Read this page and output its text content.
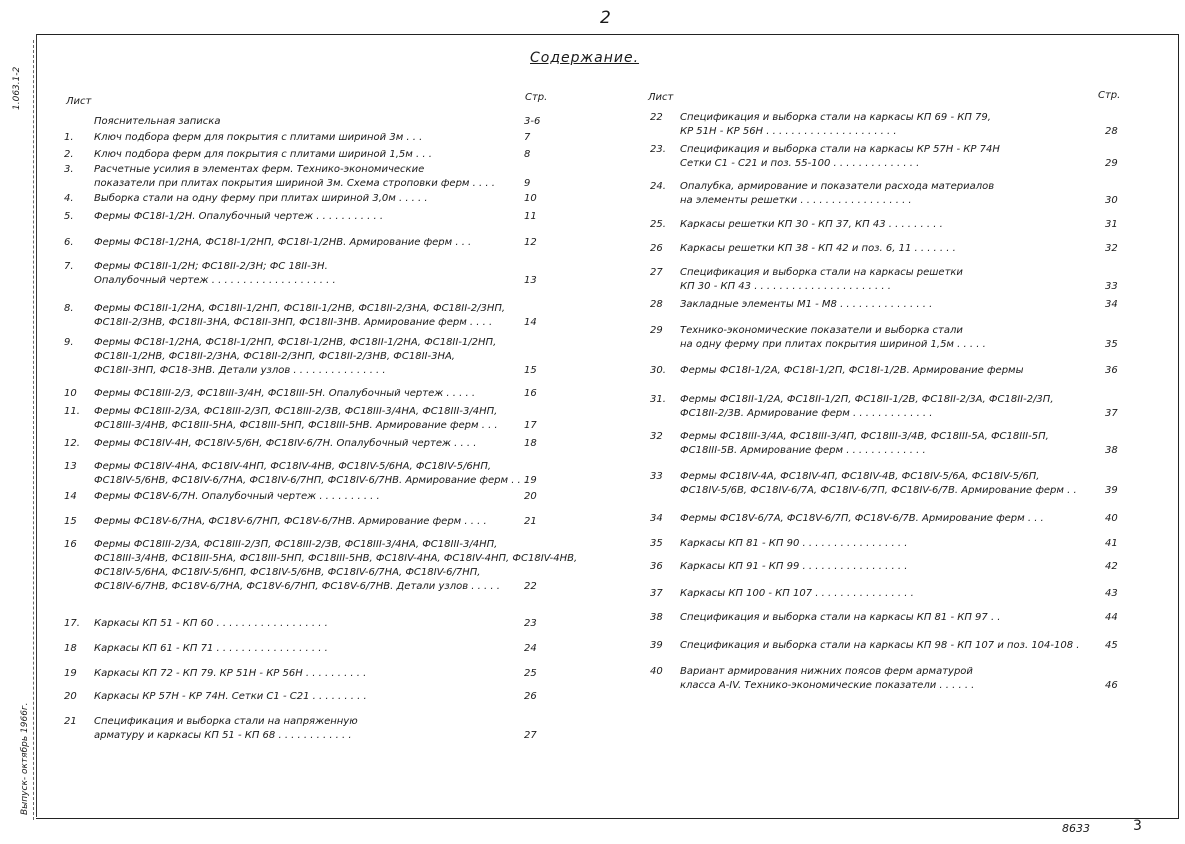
2
Содержание.
1.063.1-2
Выпуск- октябрь 1966г.
Лист	Стр.	Лист	Стр.
Пояснительная записка	3-6
1. Ключ подбора ферм для покрытия с плитами шириной 3м . . .	7
2. Ключ подбора ферм для покрытия с плитами шириной 1,5м . . .	8
3. Расчетные усилия в элементах ферм. Технико-экономические
показатели при плитах покрытия шириной 3м. Схема строповки ферм . . . .	9
4. Выборка стали на одну ферму при плитах шириной 3,0м . . . . .	10
5. Фермы ФС18I-1/2Н. Опалубочный чертеж . . . . . . . . . . .	11
6. Фермы ФС18I-1/2НА, ФС18I-1/2НП, ФС18I-1/2НВ. Армирование ферм . . .	12
7. Фермы ФС18II-1/2Н; ФС18II-2/3Н; ФС 18II-3Н.
Опалубочный чертеж . . . . . . . . . . . . . . . . . . . .	13
8. Фермы ФС18II-1/2НА, ФС18II-1/2НП, ФС18II-1/2НВ, ФС18II-2/3НА, ФС18II-2/3НП,
ФС18II-2/3НВ, ФС18II-3НА, ФС18II-3НП, ФС18II-3НВ. Армирование ферм . . . .	14
9. Фермы ФС18I-1/2НА, ФС18I-1/2НП, ФС18I-1/2НВ, ФС18II-1/2НА, ФС18II-1/2НП,
ФС18II-1/2НВ, ФС18II-2/3НА, ФС18II-2/3НП, ФС18II-2/3НВ, ФС18II-3НА,
ФС18II-3НП, ФС18-3НВ. Детали узлов . . . . . . . . . . . . . . .	15
10 Фермы ФС18III-2/3, ФС18III-3/4Н, ФС18III-5Н. Опалубочный чертеж . . . . .	16
11. Фермы ФС18III-2/3А, ФС18III-2/3П, ФС18III-2/3В, ФС18III-3/4НА, ФС18III-3/4НП,
ФС18III-3/4НВ, ФС18III-5НА, ФС18III-5НП, ФС18III-5НВ. Армирование ферм . . .	17
12. Фермы ФС18IV-4Н, ФС18IV-5/6Н, ФС18IV-6/7Н. Опалубочный чертеж . . . .	18
13 Фермы ФС18IV-4НА, ФС18IV-4НП, ФС18IV-4НВ, ФС18IV-5/6НА, ФС18IV-5/6НП,
ФС18IV-5/6НВ, ФС18IV-6/7НА, ФС18IV-6/7НП, ФС18IV-6/7НВ. Армирование ферм . . .
19
14 Фермы ФС18V-6/7Н. Опалубочный чертеж . . . . . . . . . .	20
15 Фермы ФС18V-6/7НА, ФС18V-6/7НП, ФС18V-6/7НВ. Армирование ферм . . . .	21
16 Фермы ФС18III-2/3А, ФС18III-2/3П, ФС18III-2/3В, ФС18III-3/4НА, ФС18III-3/4НП,
ФС18III-3/4НВ, ФС18III-5НА, ФС18III-5НП, ФС18III-5НВ, ФС18IV-4НА, ФС18IV-4НП, ФС18IV-4НВ,
ФС18IV-5/6НА, ФС18IV-5/6НП, ФС18IV-5/6НВ, ФС18IV-6/7НА, ФС18IV-6/7НП,
ФС18IV-6/7НВ, ФС18V-6/7НА, ФС18V-6/7НП, ФС18V-6/7НВ. Детали узлов . . . . .	22
17. Каркасы КП 51 - КП 60 . . . . . . . . . . . . . . . . . .	23
18 Каркасы КП 61 - КП 71 . . . . . . . . . . . . . . . . . .	24
19 Каркасы КП 72 - КП 79. КР 51Н - КР 56Н . . . . . . . . . .	25
20 Каркасы КР 57Н - КР 74Н. Сетки С1 - С21 . . . . . . . . .	26
21 Спецификация и выборка стали на напряженную
арматуру и каркасы КП 51 - КП 68 . . . . . . . . . . . .	27
22 Спецификация и выборка стали на каркасы КП 69 - КП 79,
КР 51Н - КР 56Н . . . . . . . . . . . . . . . . . . . . .	28
23. Спецификация и выборка стали на каркасы КР 57Н - КР 74Н
Сетки С1 - С21 и поз. 55-100 . . . . . . . . . . . . . .	29
24. Опалубка, армирование и показатели расхода материалов
на элементы решетки . . . . . . . . . . . . . . . . . .	30
25. Каркасы решетки КП 30 - КП 37, КП 43 . . . . . . . . .	31
26 Каркасы решетки КП 38 - КП 42 и поз. 6, 11 . . . . . . .	32
27 Спецификация и выборка стали на каркасы решетки
КП 30 - КП 43 . . . . . . . . . . . . . . . . . . . . . .	33
28 Закладные элементы М1 - М8 . . . . . . . . . . . . . . .	34
29 Технико-экономические показатели и выборка стали
на одну ферму при плитах покрытия шириной 1,5м . . . . .	35
30. Фермы ФС18I-1/2А, ФС18I-1/2П, ФС18I-1/2В. Армирование фермы	36
31. Фермы ФС18II-1/2А, ФС18II-1/2П, ФС18II-1/2В, ФС18II-2/3А, ФС18II-2/3П,
ФС18II-2/3В. Армирование ферм . . . . . . . . . . . . .	37
32 Фермы ФС18III-3/4А, ФС18III-3/4П, ФС18III-3/4В, ФС18III-5А, ФС18III-5П,
ФС18III-5В. Армирование ферм . . . . . . . . . . . . .	38
33 Фермы ФС18IV-4А, ФС18IV-4П, ФС18IV-4В, ФС18IV-5/6А, ФС18IV-5/6П,
ФС18IV-5/6В, ФС18IV-6/7А, ФС18IV-6/7П, ФС18IV-6/7В. Армирование ферм . .	39
34 Фермы ФС18V-6/7А, ФС18V-6/7П, ФС18V-6/7В. Армирование ферм . . .	40
35 Каркасы КП 81 - КП 90 . . . . . . . . . . . . . . . . .	41
36 Каркасы КП 91 - КП 99 . . . . . . . . . . . . . . . . .	42
37 Каркасы КП 100 - КП 107 . . . . . . . . . . . . . . . .	43
38 Спецификация и выборка стали на каркасы КП 81 - КП 97 . .	44
39 Спецификация и выборка стали на каркасы КП 98 - КП 107 и поз. 104-108 .	45
40 Вариант армирования нижних поясов ферм арматурой
класса А-IV. Технико-экономические показатели . . . . . .	46
8633	3
